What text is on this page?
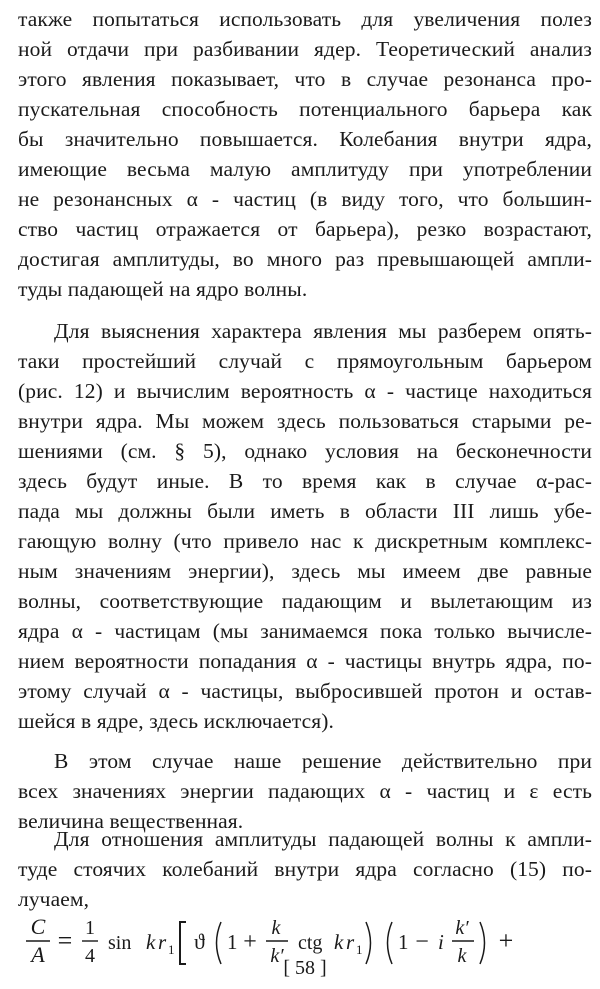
также попытаться использовать для увеличения полез
ной отдачи при разбивании ядер. Теоретический анализ
этого явления показывает, что в случае резонанса про-
пускательная способность потенциального барьера как
бы значительно повышается. Колебания внутри ядра,
имеющие весьма малую амплитуду при употреблении
не резонансных α - частиц (в виду того, что большин-
ство частиц отражается от барьера), резко возрастают,
достигая амплитуды, во много раз превышающей ампли-
туды падающей на ядро волны.
Для выяснения характера явления мы разберем опять-
таки простейший случай с прямоугольным барьером
(рис. 12) и вычислим вероятность α - частице находиться
внутри ядра. Мы можем здесь пользоваться старыми ре-
шениями (см. § 5), однако условия на бесконечности
здесь будут иные. В то время как в случае α-рас-
пада мы должны были иметь в области III лишь убе-
гающую волну (что привело нас к дискретным комплекс-
ным значениям энергии), здесь мы имеем две равные
волны, соответствующие падающим и вылетающим из
ядра α - частицам (мы занимаемся пока только вычисле-
нием вероятности попадания α - частицы внутрь ядра, по-
этому случай α - частицы, выбросившей протон и остав-
шейся в ядре, здесь исключается).
В этом случае наше решение действительно при
всех значениях энергии падающих α - частиц и ε есть
величина вещественная.
Для отношения амплитуды падающей волны к ампли-
туде стоячих колебаний внутри ядра согласно (15) по-
лучаем,
[ 58 ]
C
A = 1
4
sin k r 1 ϑ 1 +
k
k′
ctg k r 1 1 − i
k′
k
+
